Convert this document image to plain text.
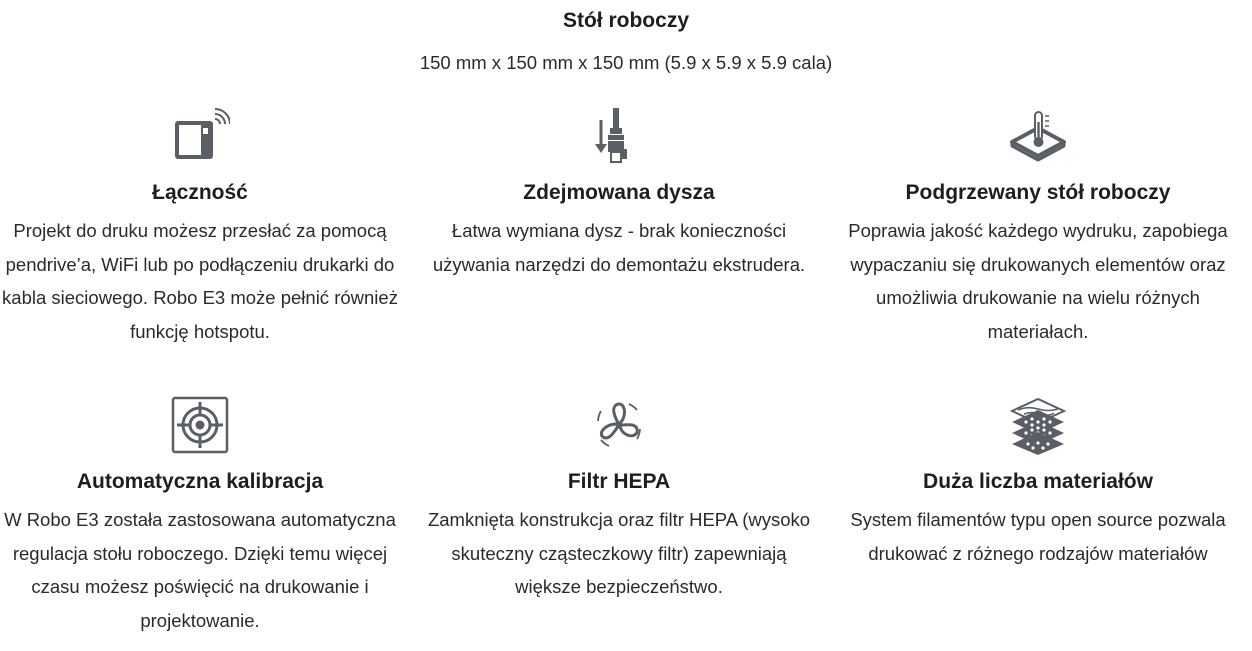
Stół roboczy
150 mm x 150 mm x 150 mm (5.9 x 5.9 x 5.9 cala)
Łączność
Projekt do druku możesz przesłać za pomocą pendrive’a, WiFi lub po podłączeniu drukarki do kabla sieciowego. Robo E3 może pełnić również funkcję hotspotu.
Zdejmowana dysza
Łatwa wymiana dysz - brak konieczności używania narzędzi do demontażu ekstrudera.
Podgrzewany stół roboczy
Poprawia jakość każdego wydruku, zapobiega wypaczaniu się drukowanych elementów oraz umożliwia drukowanie na wielu różnych materiałach.
Automatyczna kalibracja
W Robo E3 została zastosowana automatyczna regulacja stołu roboczego. Dzięki temu więcej czasu możesz poświęcić na drukowanie i projektowanie.
Filtr HEPA
Zamknięta konstrukcja oraz filtr HEPA (wysoko skuteczny cząsteczkowy filtr) zapewniają większe bezpieczeństwo.
Duża liczba materiałów
System filamentów typu open source pozwala drukować z różnego rodzajów materiałów
